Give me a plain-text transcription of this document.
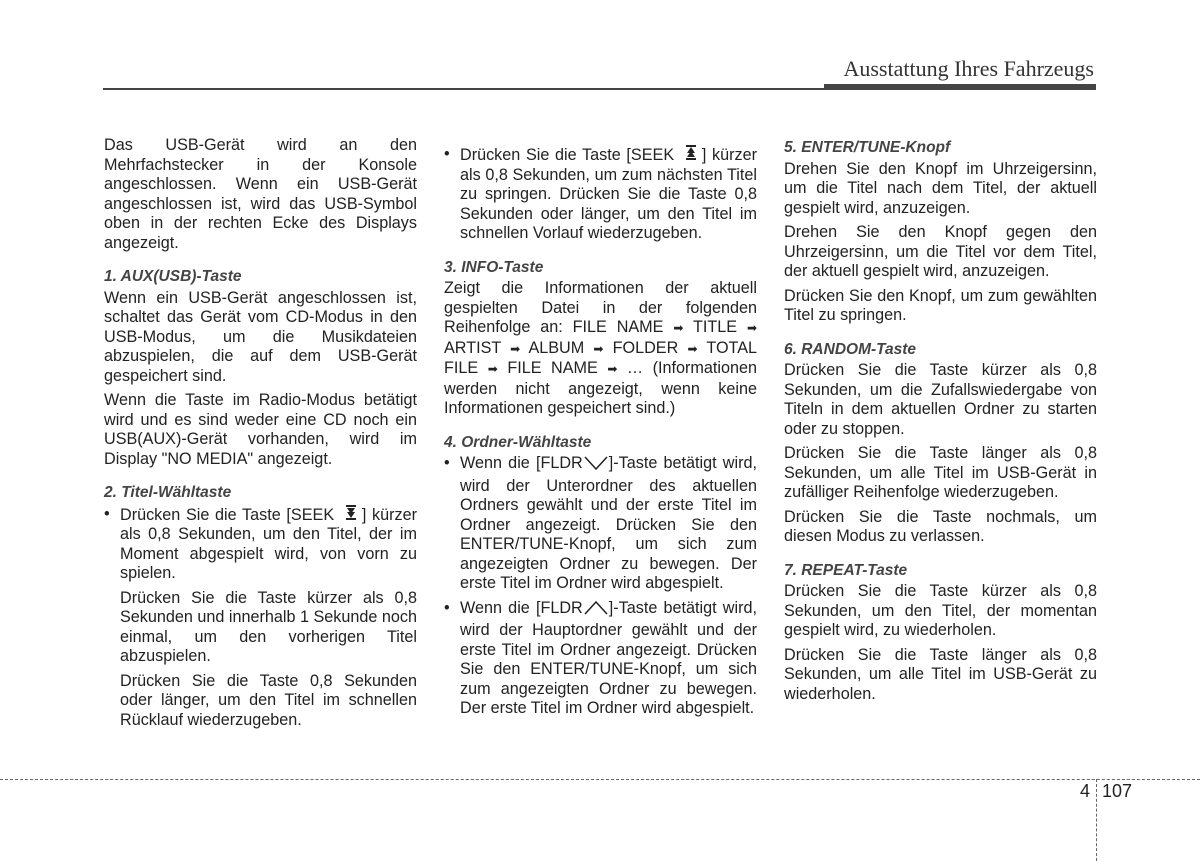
Ausstattung Ihres Fahrzeugs

Das USB-Gerät wird an den Mehrfachstecker in der Konsole angeschlossen. Wenn ein USB-Gerät angeschlossen ist, wird das USB-Symbol oben in der rechten Ecke des Displays angezeigt.

1. AUX(USB)-Taste

Wenn ein USB-Gerät angeschlossen ist, schaltet das Gerät vom CD-Modus in den USB-Modus, um die Musikdateien abzuspielen, die auf dem USB-Gerät gespeichert sind.

Wenn die Taste im Radio-Modus betätigt wird und es sind weder eine CD noch ein USB(AUX)-Gerät vorhanden, wird im Display "NO MEDIA" angezeigt.

2. Titel-Wähltaste
• Drücken Sie die Taste [SEEK ] kürzer als 0,8 Sekunden, um den Titel, der im Moment abgespielt wird, von vorn zu spielen.

Drücken Sie die Taste kürzer als 0,8 Sekunden und innerhalb 1 Sekunde noch einmal, um den vorherigen Titel abzuspielen.

Drücken Sie die Taste 0,8 Sekunden oder länger, um den Titel im schnellen Rücklauf wiederzugeben.

• Drücken Sie die Taste [SEEK ] kürzer als 0,8 Sekunden, um zum nächsten Titel zu springen. Drücken Sie die Taste 0,8 Sekunden oder länger, um den Titel im schnellen Vorlauf wiederzugeben.
3. INFO-Taste

Zeigt die Informationen der aktuell gespielten Datei in der folgenden Reihenfolge an: FILE NAME ➡ TITLE ➡ ARTIST ➡ ALBUM ➡ FOLDER ➡ TOTAL FILE ➡ FILE NAME ➡ … (Informationen werden nicht angezeigt, wenn keine Informationen gespeichert sind.)

4. Ordner-Wähltaste
• Wenn die [FLDR ]-Taste betätigt wird, wird der Unterordner des aktuellen Ordners gewählt und der erste Titel im Ordner angezeigt. Drücken Sie den ENTER/TUNE-Knopf, um sich zum angezeigten Ordner zu bewegen. Der erste Titel im Ordner wird abgespielt.
• Wenn die [FLDR ]-Taste betätigt wird, wird der Hauptordner gewählt und der erste Titel im Ordner angezeigt. Drücken Sie den ENTER/TUNE-Knopf, um sich zum angezeigten Ordner zu bewegen. Der erste Titel im Ordner wird abgespielt.
5. ENTER/TUNE-Knopf

Drehen Sie den Knopf im Uhrzeigersinn, um die Titel nach dem Titel, der aktuell gespielt wird, anzuzeigen.

Drehen Sie den Knopf gegen den Uhrzeigersinn, um die Titel vor dem Titel, der aktuell gespielt wird, anzuzeigen.

Drücken Sie den Knopf, um zum gewählten Titel zu springen.

6. RANDOM-Taste

Drücken Sie die Taste kürzer als 0,8 Sekunden, um die Zufallswiedergabe von Titeln in dem aktuellen Ordner zu starten oder zu stoppen.

Drücken Sie die Taste länger als 0,8 Sekunden, um alle Titel im USB-Gerät in zufälliger Reihenfolge wiederzugeben.

Drücken Sie die Taste nochmals, um diesen Modus zu verlassen.

7. REPEAT-Taste

Drücken Sie die Taste kürzer als 0,8 Sekunden, um den Titel, der momentan gespielt wird, zu wiederholen.

Drücken Sie die Taste länger als 0,8 Sekunden, um alle Titel im USB-Gerät zu wiederholen.

4 107
